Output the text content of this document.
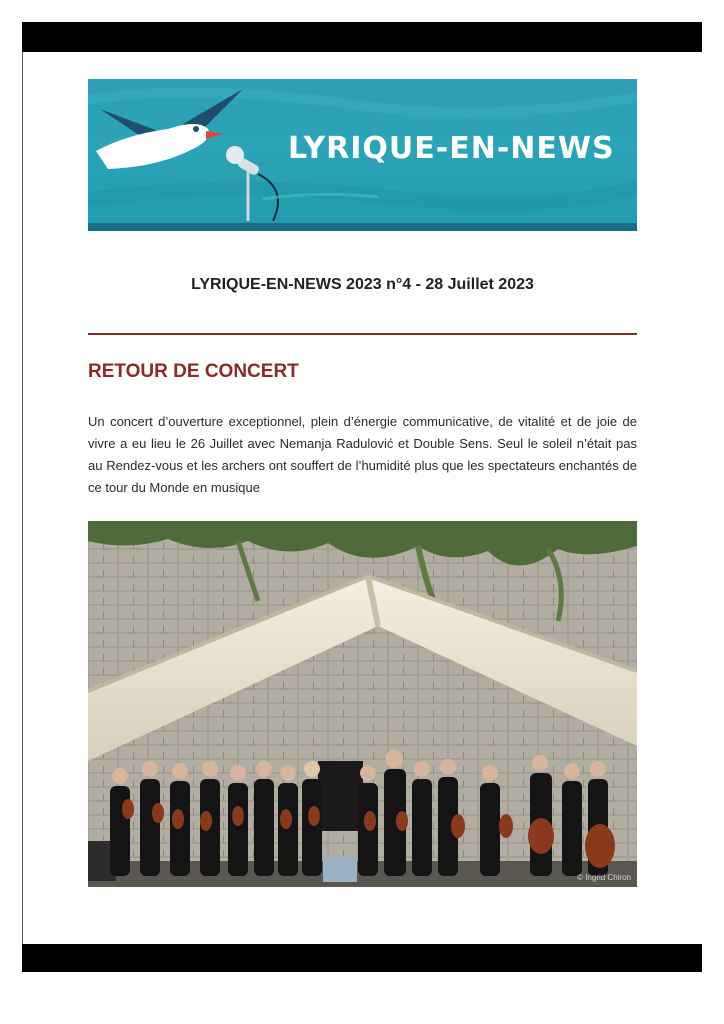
LYRIQUE-EN-NEWS
LYRIQUE-EN-NEWS 2023 n°4 - 28 Juillet 2023
RETOUR DE CONCERT
Un concert d’ouverture exceptionnel, plein d’énergie communicative, de vitalité et de joie de vivre a eu lieu le 26 Juillet avec Nemanja Radulović et Double Sens. Seul le soleil n’était pas au Rendez-vous et les archers ont souffert de l’humidité plus que les spectateurs enchantés de ce tour du Monde en musique
© Ingrid Chiron
